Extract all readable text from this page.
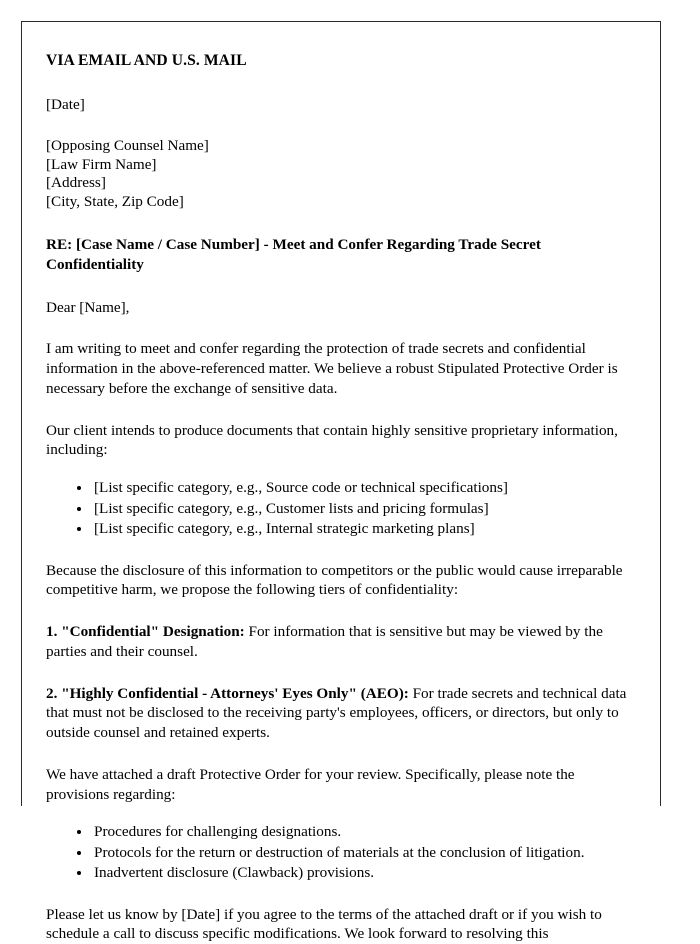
VIA EMAIL AND U.S. MAIL

[Date]

[Opposing Counsel Name]
[Law Firm Name]
[Address]
[City, State, Zip Code]

RE: [Case Name / Case Number] - Meet and Confer Regarding Trade Secret Confidentiality

Dear [Name],

I am writing to meet and confer regarding the protection of trade secrets and confidential information in the above-referenced matter. We believe a robust Stipulated Protective Order is necessary before the exchange of sensitive data.

Our client intends to produce documents that contain highly sensitive proprietary information, including:

• [List specific category, e.g., Source code or technical specifications]
• [List specific category, e.g., Customer lists and pricing formulas]
• [List specific category, e.g., Internal strategic marketing plans]

Because the disclosure of this information to competitors or the public would cause irreparable competitive harm, we propose the following tiers of confidentiality:

1. "Confidential" Designation: For information that is sensitive but may be viewed by the parties and their counsel.

2. "Highly Confidential - Attorneys' Eyes Only" (AEO): For trade secrets and technical data that must not be disclosed to the receiving party's employees, officers, or directors, but only to outside counsel and retained experts.

We have attached a draft Protective Order for your review. Specifically, please note the provisions regarding:

• Procedures for challenging designations.
• Protocols for the return or destruction of materials at the conclusion of litigation.
• Inadvertent disclosure (Clawback) provisions.

Please let us know by [Date] if you agree to the terms of the attached draft or if you wish to schedule a call to discuss specific modifications. We look forward to resolving this
